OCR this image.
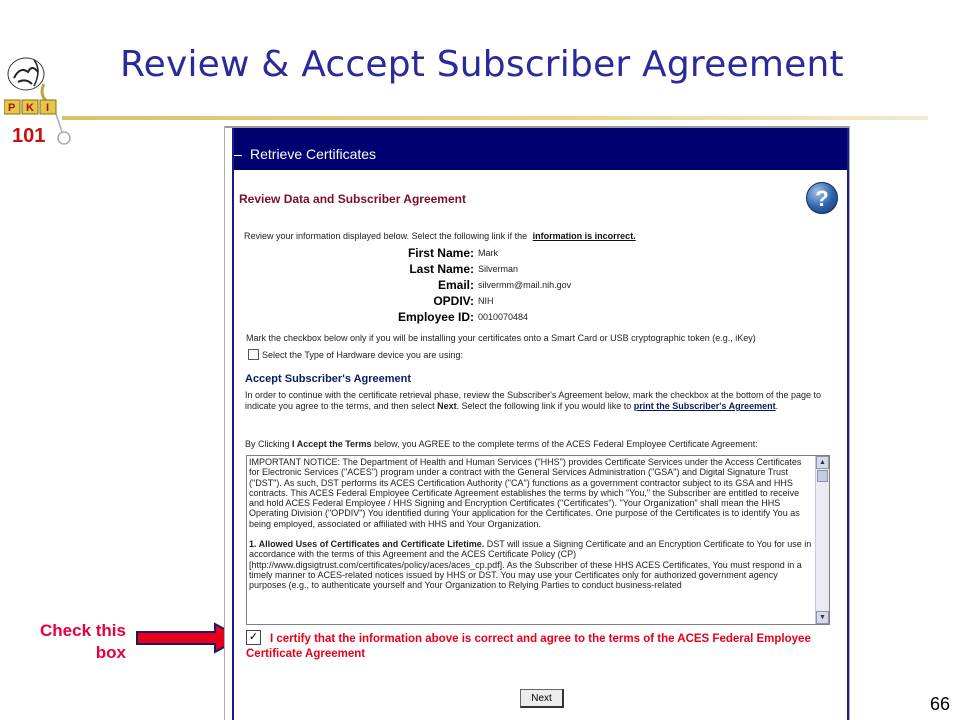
P K I
101
Review & Accept Subscriber Agreement
Check this
box
Retrieve Certificates
Review Data and Subscriber Agreement	?
Review your information displayed below. Select the following link if the information is incorrect.
First Name: Mark
Last Name: Silverman
Email: silvermm@mail.nih.gov
OPDIV: NIH
Employee ID: 0010070484
Mark the checkbox below only if you will be installing your certificates onto a Smart Card or USB cryptographic token (e.g., iKey)
Select the Type of Hardware device you are using:
Accept Subscriber's Agreement
In order to continue with the certificate retrieval phase, review the Subscriber's Agreement below, mark the checkbox at the bottom of the page to indicate you agree to the terms, and then select Next. Select the following link if you would like to print the Subscriber's Agreement.
By Clicking I Accept the Terms below, you AGREE to the complete terms of the ACES Federal Employee Certificate Agreement:

IMPORTANT NOTICE: The Department of Health and Human Services ("HHS") provides Certificate Services under the Access Certificates for Electronic Services ("ACES") program under a contract with the General Services Administration ("GSA") and Digital Signature Trust ("DST"). As such, DST performs its ACES Certification Authority ("CA") functions as a government contractor subject to its GSA and HHS contracts. This ACES Federal Employee Certificate Agreement establishes the terms by which "You," the Subscriber are entitled to receive and hold ACES Federal Employee / HHS Signing and Encryption Certificates ("Certificates"). "Your Organization" shall mean the HHS Operating Division ("OPDIV") You identified during Your application for the Certificates. One purpose of the Certificates is to identify You as being employed, associated or affiliated with HHS and Your Organization.

1. Allowed Uses of Certificates and Certificate Lifetime. DST will issue a Signing Certificate and an Encryption Certificate to You for use in accordance with the terms of this Agreement and the ACES Certificate Policy (CP) [http://www.digsigtrust.com/certificates/policy/aces/aces_cp.pdf]. As the Subscriber of these HHS ACES Certificates, You must respond in a timely manner to ACES-related notices issued by HHS or DST. You may use your Certificates only for authorized government agency purposes (e.g., to authenticate yourself and Your Organization to Relying Parties to conduct business-related

▲
▼
I certify that the information above is correct and agree to the terms of the ACES Federal Employee Certificate Agreement
✓
Next	66
